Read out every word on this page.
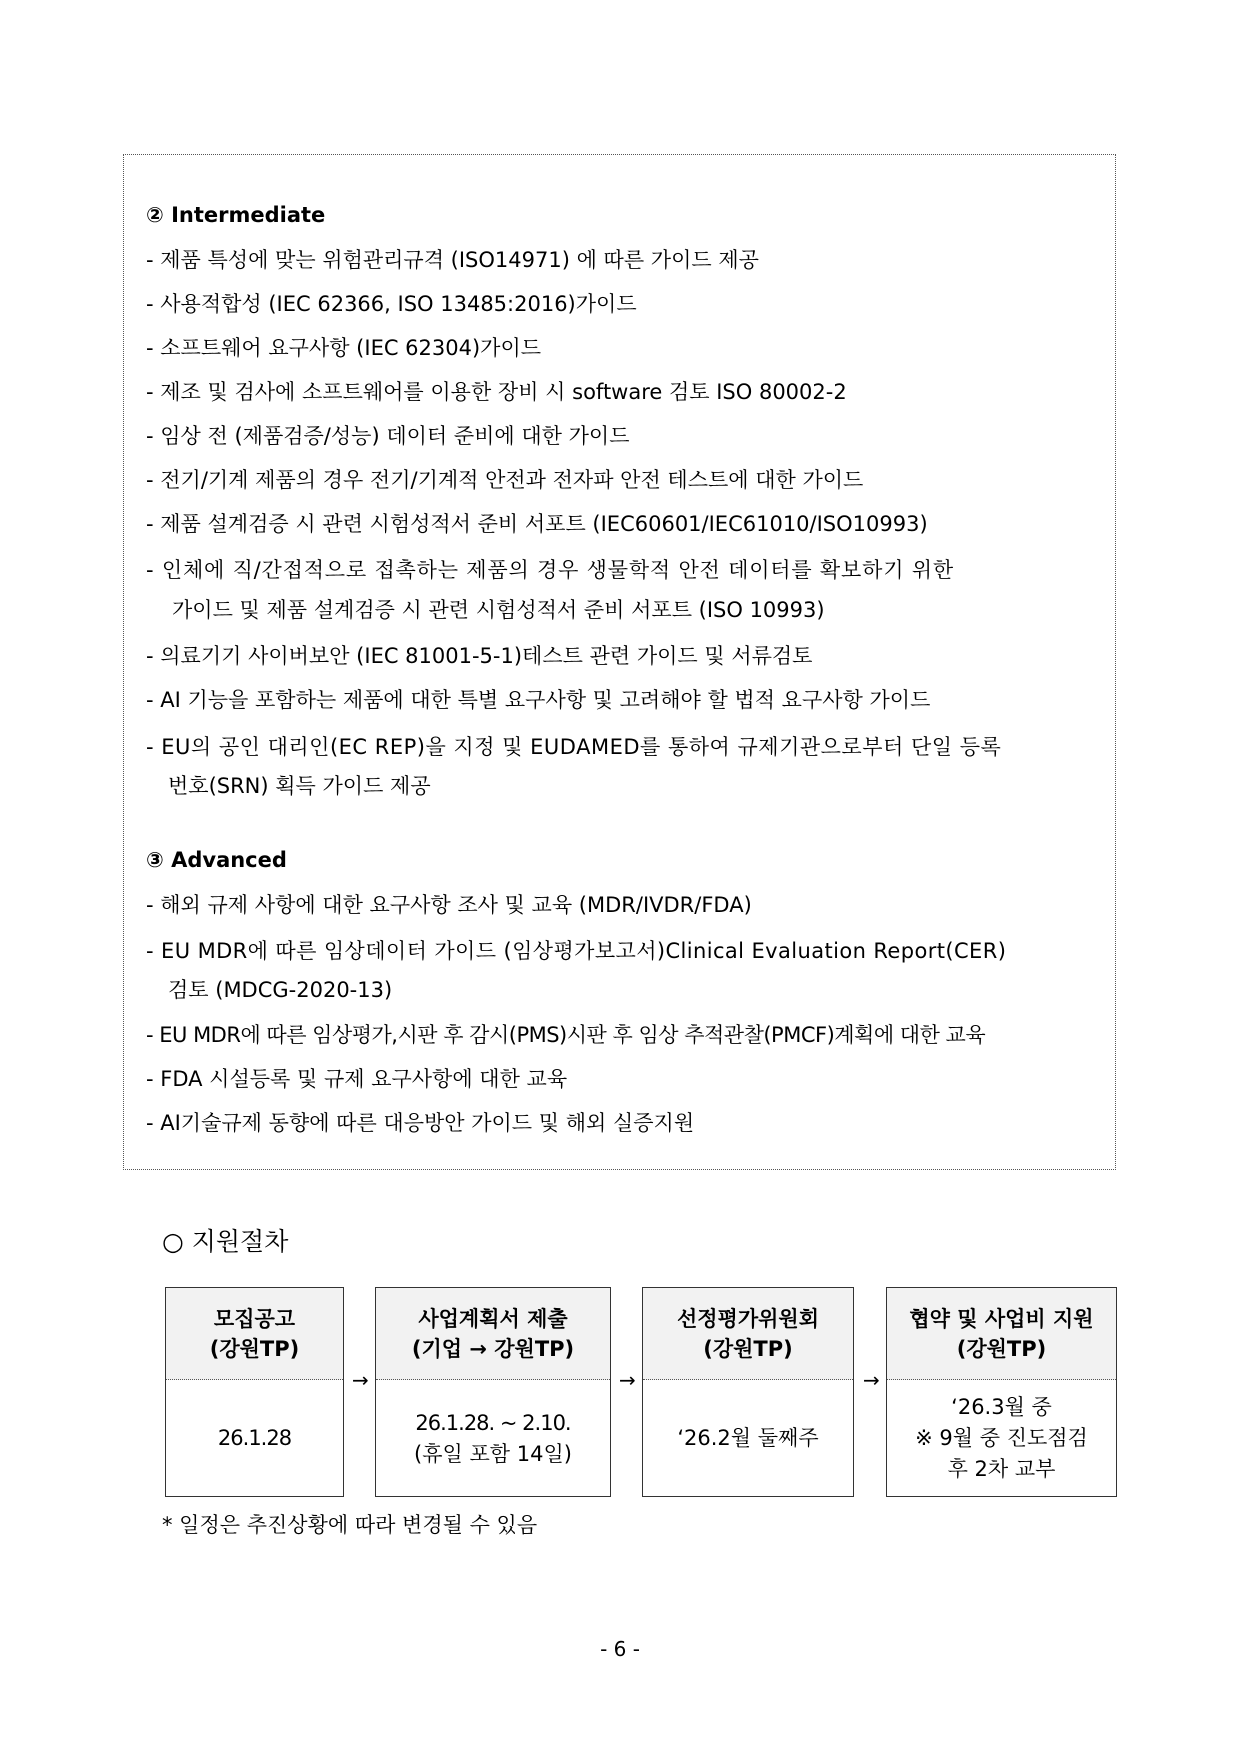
② Intermediate
- 제품 특성에 맞는 위험관리규격 (ISO14971) 에 따른 가이드 제공
- 사용적합성 (IEC 62366, ISO 13485:2016)가이드
- 소프트웨어 요구사항 (IEC 62304)가이드
- 제조 및 검사에 소프트웨어를 이용한 장비 시 software 검토 ISO 80002-2
- 임상 전 (제품검증/성능) 데이터 준비에 대한 가이드
- 전기/기계 제품의 경우 전기/기계적 안전과 전자파 안전 테스트에 대한 가이드
- 제품 설계검증 시 관련 시험성적서 준비 서포트 (IEC60601/IEC61010/ISO10993)
- 인체에 직/간접적으로 접촉하는 제품의 경우 생물학적 안전 데이터를 확보하기 위한
가이드 및 제품 설계검증 시 관련 시험성적서 준비 서포트 (ISO 10993)
- 의료기기 사이버보안 (IEC 81001-5-1)테스트 관련 가이드 및 서류검토
- AI 기능을 포함하는 제품에 대한 특별 요구사항 및 고려해야 할 법적 요구사항 가이드
- EU의 공인 대리인(EC REP)을 지정 및 EUDAMED를 통하여 규제기관으로부터 단일 등록
번호(SRN) 획득 가이드 제공
③ Advanced
- 해외 규제 사항에 대한 요구사항 조사 및 교육 (MDR/IVDR/FDA)
- EU MDR에 따른 임상데이터 가이드 (임상평가보고서)Clinical Evaluation Report(CER)
검토 (MDCG-2020-13)
- EU MDR에 따른 임상평가,시판 후 감시(PMS)시판 후 임상 추적관찰(PMCF)계획에 대한 교육
- FDA 시설등록 및 규제 요구사항에 대한 교육
- AI기술규제 동향에 따른 대응방안 가이드 및 해외 실증지원
○ 지원절차
모집공고
(강원TP)
26.1.28
→
사업계획서 제출
(기업 → 강원TP)
26.1.28. ~ 2.10.
(휴일 포함 14일)
→
선정평가위원회
(강원TP)
‘26.2월 둘째주
→
협약 및 사업비 지원
(강원TP)
‘26.3월 중
※ 9월 중 진도점검
후 2차 교부
* 일정은 추진상황에 따라 변경될 수 있음
- 6 -
